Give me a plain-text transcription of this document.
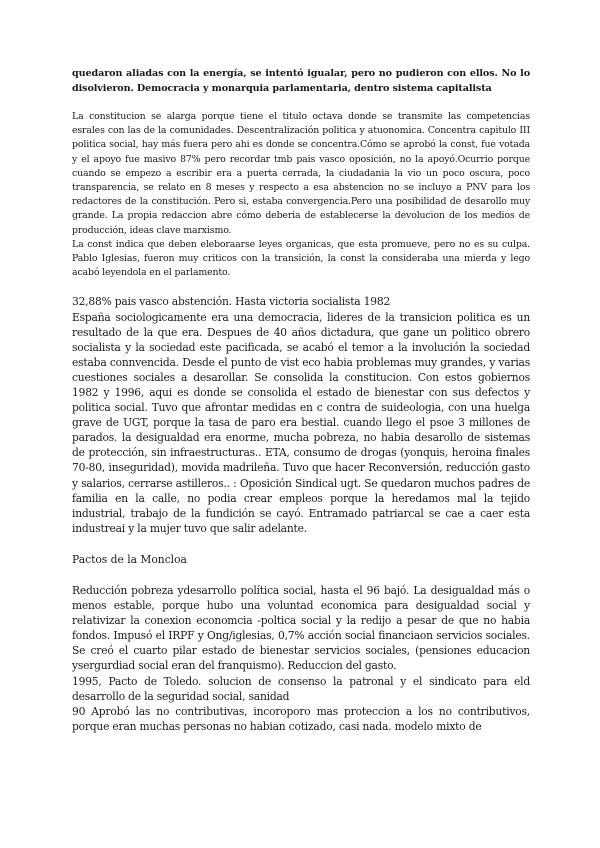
quedaron aliadas con la energía, se intentó igualar, pero no pudieron con ellos. No lo disolvieron. Democracia y monarquia parlamentaria, dentro sistema capitalista

La constitucion se alarga porque tiene el titulo octava donde se transmite las competencias esrales con las de la comunidades. Descentralización politica y atuonomica. Concentra capitulo III politica social, hay más fuera pero ahi es donde se concentra.Cómo se aprobó la const, fue votada y el apoyo fue masivo 87% pero recordar tmb pais vasco oposición, no la apoyó.Ocurrio porque cuando se empezo a escribir era a puerta cerrada, la ciudadania la vio un poco oscura, poco transparencia, se relato en 8 meses y respecto a esa abstencion no se incluyo a PNV para los redactores de la constitución. Pero si, estaba convergencia.Pero una posibilidad de desarollo muy grande. La propia redaccion abre cómo deberia de establecerse la devolucion de los medios de producción, ideas clave marxismo.

La const indica que deben eleboraarse leyes organicas, que esta promueve, pero no es su culpa. Pablo Iglesias, fueron muy criticos con la transición, la const la consideraba una mierda y lego acabó leyendola en el parlamento.

32,88% pais vasco abstención. Hasta victoria socialista 1982

España sociologicamente era una democracia, lideres de la transicion politica es un resultado de la que era. Despues de 40 años dictadura, que gane un politico obrero socialista y la sociedad este pacificada, se acabó el temor a la involución la sociedad estaba connvencida. Desde el punto de vist eco habia problemas muy grandes, y varias cuestiones sociales a desarollar. Se consolida la constitucion. Con estos gobiernos 1982 y 1996, aqui es donde se consolida el estado de bienestar con sus defectos y politica social. Tuvo que afrontar medidas en c contra de suideologia, con una huelga grave de UGT, porque la tasa de paro era bestial. cuando llego el psoe 3 millones de parados. la desigualdad era enorme, mucha pobreza, no habia desarollo de sistemas de protección, sin infraestructuras.. ETA, consumo de drogas (yonquis, heroina finales 70-80, inseguridad), movida madrileña. Tuvo que hacer Reconversión, reducción gasto y salarios, cerrarse astilleros.. : Oposición Sindical ugt. Se quedaron muchos padres de familia en la calle, no podia crear empleos porque la heredamos mal la tejido industrial, trabajo de la fundición se cayó. Entramado patriarcal se cae a caer esta industreai y la mujer tuvo que salir adelante.

Pactos de la Moncloa

Reducción pobreza ydesarrollo política social, hasta el 96 bajó. La desigualdad más o menos estable, porque hubo una voluntad economica para desigualdad social y relativizar la conexion economcia -poltica social y la redijo a pesar de que no habia fondos. Impusó el IRPF y Ong/iglesias, 0,7% acción social financiaon servicios sociales. Se creó el cuarto pilar estado de bienestar servicios sociales, (pensiones educacion ysergurdiad social eran del franquismo). Reduccion del gasto.

1995, Pacto de Toledo. solucion de consenso la patronal y el sindicato para eld desarrollo de la seguridad social, sanidad

90 Aprobó las no contributivas, incoroporo mas proteccion a los no contributivos, porque eran muchas personas no habian cotizado, casi nada. modelo mixto de
